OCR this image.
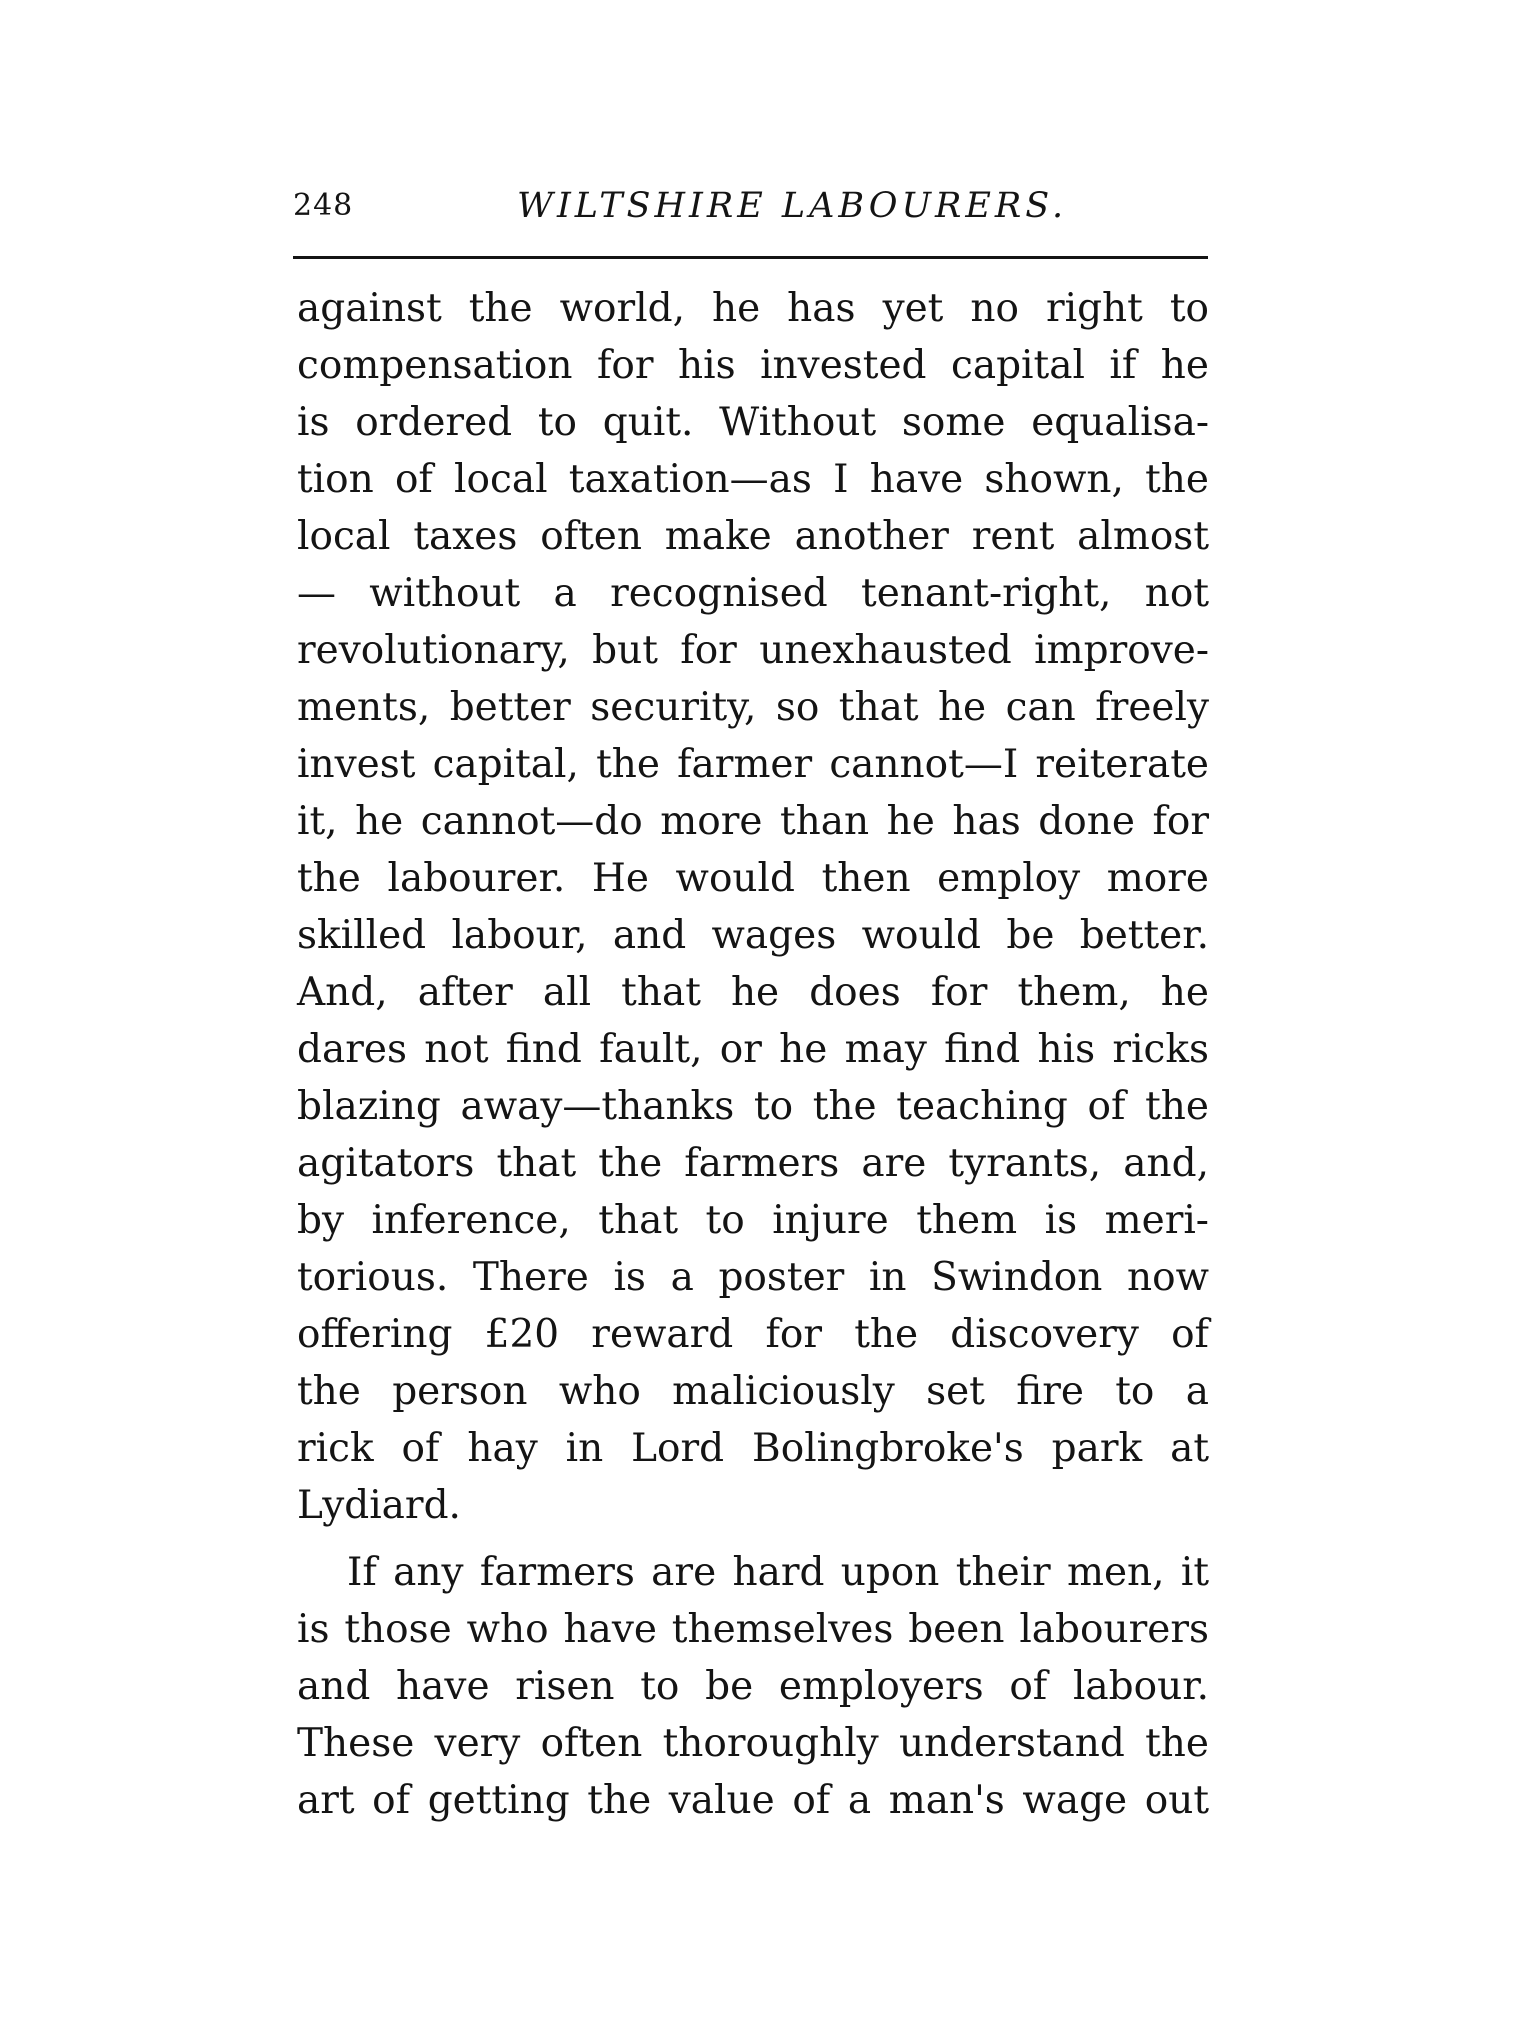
248	WILTSHIRE LABOURERS.
against the world, he has yet no right to
compensation for his invested capital if he
is ordered to quit. Without some equalisa-
tion of local taxation—as I have shown, the
local taxes often make another rent almost
— without a recognised tenant-right, not
revolutionary, but for unexhausted improve-
ments, better security, so that he can freely
invest capital, the farmer cannot—I reiterate
it, he cannot—do more than he has done for
the labourer. He would then employ more
skilled labour, and wages would be better.
And, after all that he does for them, he
dares not find fault, or he may find his ricks
blazing away—thanks to the teaching of the
agitators that the farmers are tyrants, and,
by inference, that to injure them is meri-
torious. There is a poster in Swindon now
offering £20 reward for the discovery of
the person who maliciously set fire to a
rick of hay in Lord Bolingbroke's park at
Lydiard.
If any farmers are hard upon their men, it
is those who have themselves been labourers
and have risen to be employers of labour.
These very often thoroughly understand the
art of getting the value of a man's wage out
